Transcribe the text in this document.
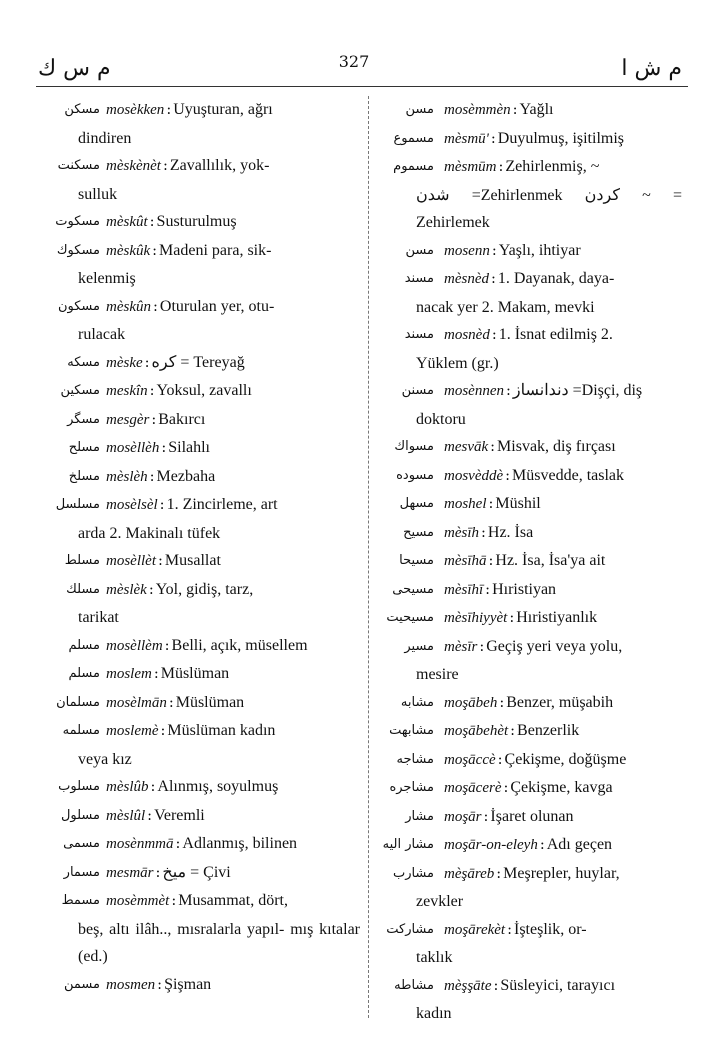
م س ك	327	م ش ا
مسكن mosèkken : Uyuşturan, ağrı
dindiren
مسكنت mèskènèt : Zavallılık, yok-
sulluk
مسكوت mèskût : Susturulmuş
مسكوك mèskûk : Madeni para, sik-
kelenmiş
مسكون mèskûn : Oturulan yer, otu-
rulacak
مسكه mèske : كره = Tereyağ
مسكين meskîn : Yoksul, zavallı
مسگر mesgèr : Bakırcı
مسلح mosèllèh : Silahlı
مسلخ mèslèh : Mezbaha
مسلسل mosèlsèl : 1. Zincirleme, art
arda 2. Makinalı tüfek
مسلط mosèllèt : Musallat
مسلك mèslèk : Yol, gidiş, tarz,
tarikat
مسلم mosèllèm : Belli, açık, müsellem
مسلم moslem : Müslüman
مسلمان mosèlmān : Müslüman
مسلمه moslemè : Müslüman kadın
veya kız
مسلوب mèslûb : Alınmış, soyulmuş
مسلول mèslûl : Veremli
مسمى mosènmmā : Adlanmış, bilinen
مسمار mesmār : ميخ = Çivi
مسمط mosèmmèt : Musammat, dört,
beş, altı ilâh.., mısralarla yapıl- mış kıtalar (ed.)
مسمن mosmen : Şişman
مسن mosèmmèn : Yağlı
مسموع mèsmū' : Duyulmuş, işitilmiş
مسموم mèsmūm : Zehirlenmiş, ~
شدن =Zehirlenmek كردن ~ = Zehirlemek
مسن mosenn : Yaşlı, ihtiyar
مسند mèsnèd : 1. Dayanak, daya-
nacak yer 2. Makam, mevki
مسند mosnèd : 1. İsnat edilmiş 2.
Yüklem (gr.)
مسنن mosènnen : دندانساز =Dişçi, diş
doktoru
مسواك mesvāk : Misvak, diş fırçası
مسوده mosvèddè : Müsvedde, taslak
مسهل moshel : Müshil
مسيح mèsīh : Hz. İsa
مسيحا mèsīhā : Hz. İsa, İsa'ya ait
مسيحى mèsīhī : Hıristiyan
مسيحيت mèsīhiyyèt : Hıristiyanlık
مسير mèsīr : Geçiş yeri veya yolu,
mesire
مشابه moşābeh : Benzer, müşabih
مشابهت moşābehèt : Benzerlik
مشاجه moşāccè : Çekişme, doğüşme
مشاجره moşācerè : Çekişme, kavga
مشار moşār : İşaret olunan
مشار اليه moşār-on-eleyh : Adı geçen
مشارب mèşāreb : Meşrepler, huylar,
zevkler
مشاركت moşārekèt : İşteşlik, or-
taklık
مشاطه mèşşāte : Süsleyici, tarayıcı
kadın
